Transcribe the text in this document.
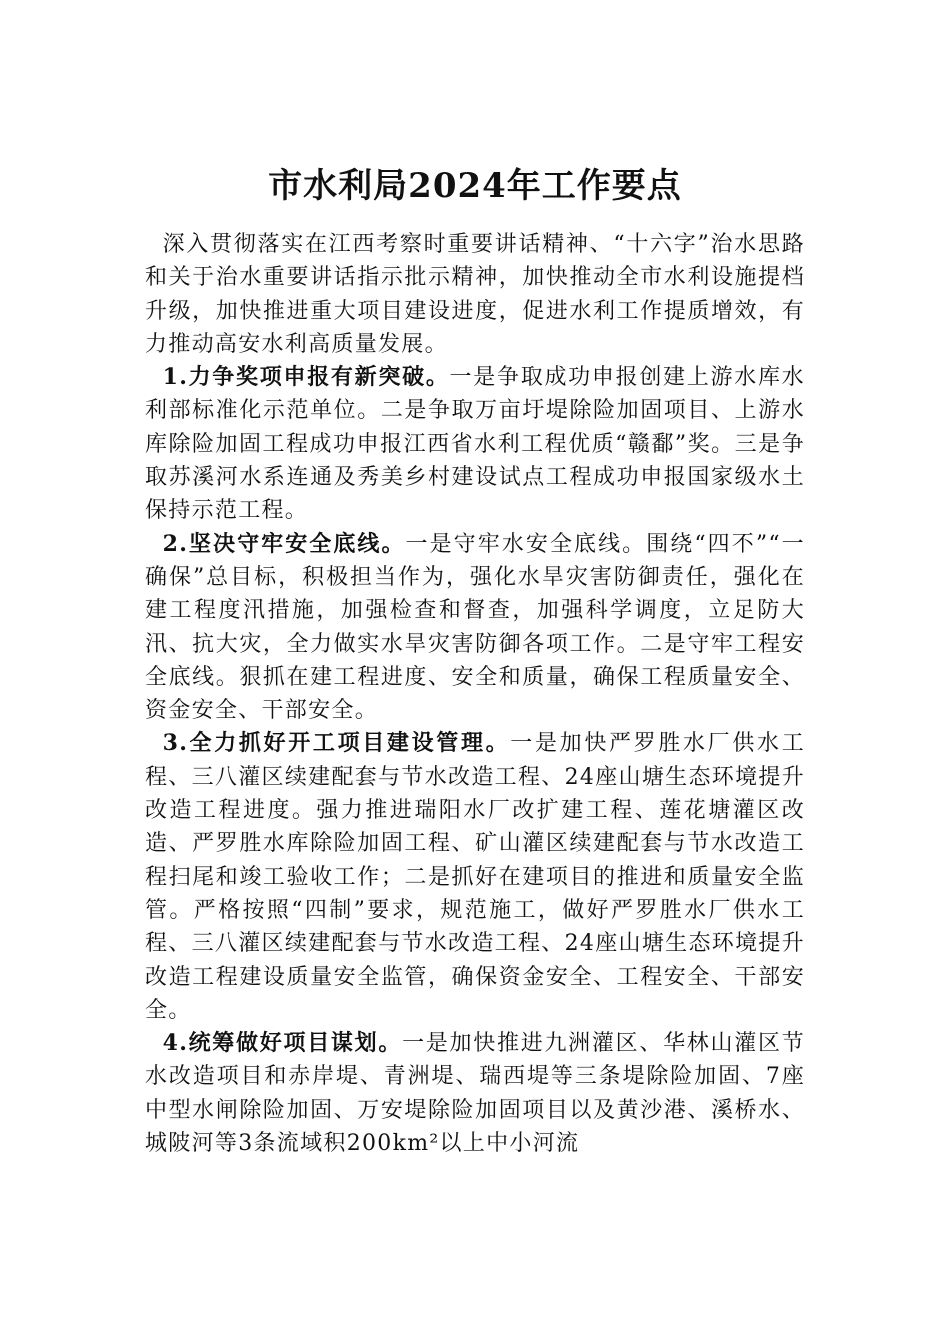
市水利局2024年工作要点

深入贯彻落实在江西考察时重要讲话精神、“十六字”治水思路和关于治水重要讲话指示批示精神，加快推动全市水利设施提档升级，加快推进重大项目建设进度，促进水利工作提质增效，有力推动高安水利高质量发展。

1.力争奖项申报有新突破。一是争取成功申报创建上游水库水利部标准化示范单位。二是争取万亩圩堤除险加固项目、上游水库除险加固工程成功申报江西省水利工程优质“赣鄱”奖。三是争取苏溪河水系连通及秀美乡村建设试点工程成功申报国家级水土保持示范工程。

2.坚决守牢安全底线。一是守牢水安全底线。围绕“四不”“一确保”总目标，积极担当作为，强化水旱灾害防御责任，强化在建工程度汛措施，加强检查和督查，加强科学调度，立足防大汛、抗大灾，全力做实水旱灾害防御各项工作。二是守牢工程安全底线。狠抓在建工程进度、安全和质量，确保工程质量安全、资金安全、干部安全。

3.全力抓好开工项目建设管理。一是加快严罗胜水厂供水工程、三八灌区续建配套与节水改造工程、24座山塘生态环境提升改造工程进度。强力推进瑞阳水厂改扩建工程、莲花塘灌区改造、严罗胜水库除险加固工程、矿山灌区续建配套与节水改造工程扫尾和竣工验收工作；二是抓好在建项目的推进和质量安全监管。严格按照“四制”要求，规范施工，做好严罗胜水厂供水工程、三八灌区续建配套与节水改造工程、24座山塘生态环境提升改造工程建设质量安全监管，确保资金安全、工程安全、干部安全。

4.统筹做好项目谋划。一是加快推进九洲灌区、华林山灌区节水改造项目和赤岸堤、青洲堤、瑞西堤等三条堤除险加固、7座中型水闸除险加固、万安堤除险加固项目以及黄沙港、溪桥水、城陂河等3条流域积200km²以上中小河流
